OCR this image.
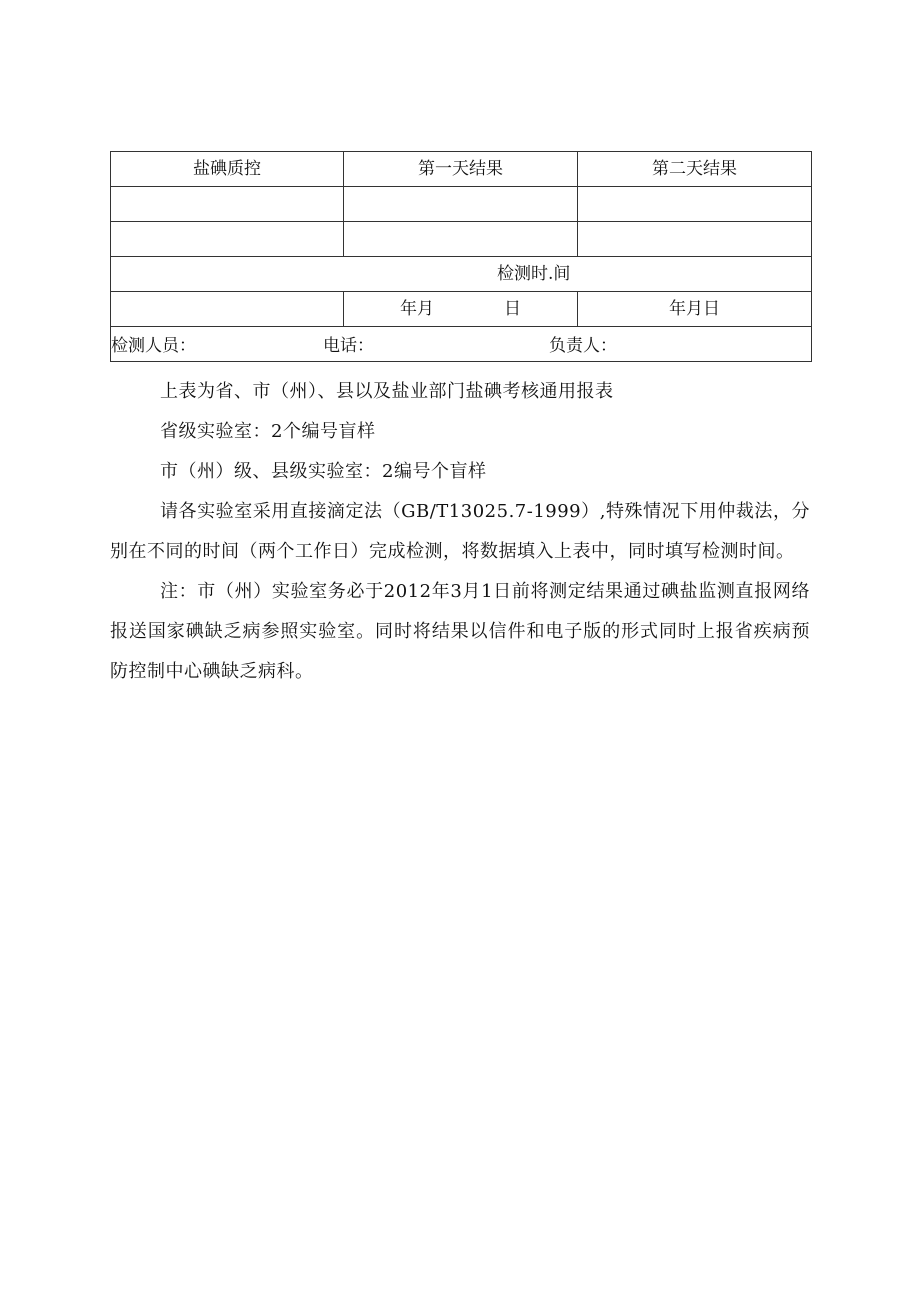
盐碘质控	第一天结果	第二天结果

检测时.间		
	年月 日	年月日

检测人员： 电话： 负责人：		

上表为省、市（州）、县以及盐业部门盐碘考核通用报表

省级实验室：2个编号盲样

市（州）级、县级实验室：2编号个盲样

请各实验室采用直接滴定法（GB/T13025.7-1999）,特殊情况下用仲裁法，分别在不同的时间（两个工作日）完成检测，将数据填入上表中，同时填写检测时间。

注：市（州）实验室务必于2012年3月1日前将测定结果通过碘盐监测直报网络报送国家碘缺乏病参照实验室。同时将结果以信件和电子版的形式同时上报省疾病预防控制中心碘缺乏病科。
